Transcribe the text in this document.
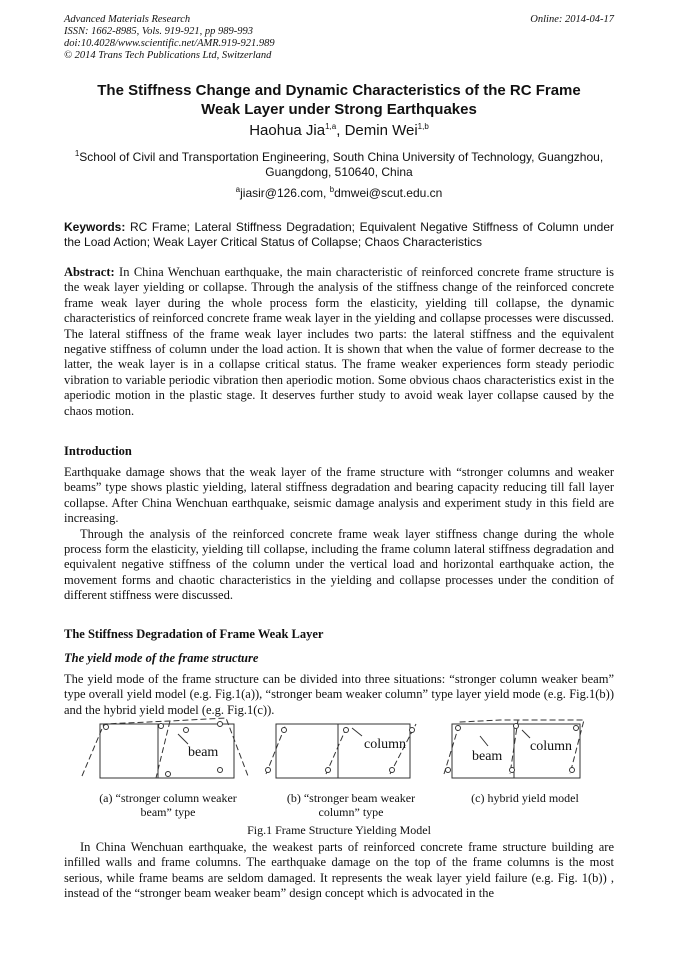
Advanced Materials Research
ISSN: 1662-8985, Vols. 919-921, pp 989-993
doi:10.4028/www.scientific.net/AMR.919-921.989
© 2014 Trans Tech Publications Ltd, Switzerland
Online: 2014-04-17
The Stiffness Change and Dynamic Characteristics of the RC Frame
Weak Layer under Strong Earthquakes
Haohua Jia$^{1,a}$, Demin Wei$^{1,b}$
$^1$School of Civil and Transportation Engineering, South China University of Technology, Guangzhou,
Guangdong, 510640, China
$^a$jiasir@126.com, $^b$dmwei@scut.edu.cn
Keywords: RC Frame; Lateral Stiffness Degradation; Equivalent Negative Stiffness of Column under the Load Action; Weak Layer Critical Status of Collapse; Chaos Characteristics
Abstract: In China Wenchuan earthquake, the main characteristic of reinforced concrete frame structure is the weak layer yielding or collapse. Through the analysis of the stiffness change of the reinforced concrete frame weak layer during the whole process form the elasticity, yielding till collapse, the dynamic characteristics of reinforced concrete frame weak layer in the yielding and collapse processes were discussed. The lateral stiffness of the frame weak layer includes two parts: the lateral stiffness and the equivalent negative stiffness of column under the load action. It is shown that when the value of former decrease to the latter, the weak layer is in a collapse critical status. The frame weaker experiences form steady periodic vibration to variable periodic vibration then aperiodic motion. Some obvious chaos characteristics exist in the aperiodic motion in the plastic stage. It deserves further study to avoid weak layer collapse caused by the chaos motion.
Introduction
Earthquake damage shows that the weak layer of the frame structure with “stronger columns and weaker beams” type shows plastic yielding, lateral stiffness degradation and bearing capacity reducing till fall layer collapse. After China Wenchuan earthquake, seismic damage analysis and experiment study in this field are increasing.
Through the analysis of the reinforced concrete frame weak layer stiffness change during the whole process form the elasticity, yielding till collapse, including the frame column lateral stiffness degradation and equivalent negative stiffness of the column under the vertical load and horizontal earthquake action, the movement forms and chaotic characteristics in the yielding and collapse processes under the condition of different stiffness were discussed.
The Stiffness Degradation of Frame Weak Layer
The yield mode of the frame structure
The yield mode of the frame structure can be divided into three situations: “stronger column weaker beam” type overall yield model (e.g. Fig.1(a)), “stronger beam weaker column” type layer yield mode (e.g. Fig.1(b)) and the hybrid yield model (e.g. Fig.1(c)).
beam
column
beam
column
(a) “stronger column weaker
beam” type
(b) “stronger beam weaker
column” type
(c) hybrid yield model
Fig.1 Frame Structure Yielding Model
In China Wenchuan earthquake, the weakest parts of reinforced concrete frame structure building are infilled walls and frame columns. The earthquake damage on the top of the frame columns is the most serious, while frame beams are seldom damaged. It represents the weak layer yield failure (e.g. Fig. 1(b)) , instead of the “stronger beam weaker beam” design concept which is advocated in the
